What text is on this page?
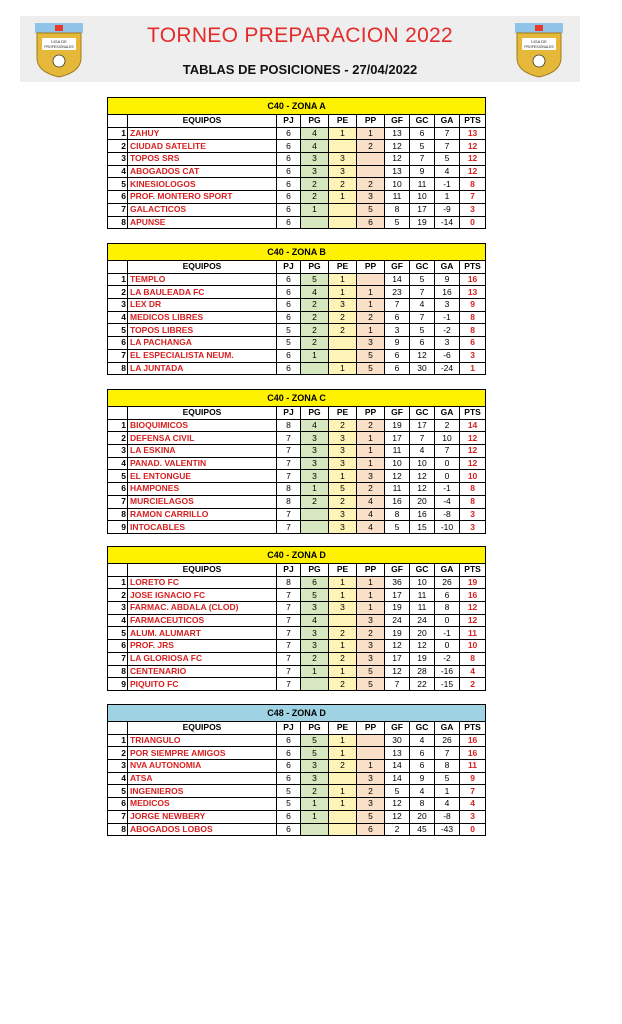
LIGA DE
PROFESIONALES	TORNEO PREPARACION 2022
TABLAS DE POSICIONES - 27/04/2022
LIGA DE
PROFESIONALES
C40 - ZONA A									
	EQUIPOS	PJ	PG	PE	PP	GF	GC	GA	PTS
1	ZAHUY	6	4	1	1	13	6	7	13
2	CIUDAD SATELITE	6	4		2	12	5	7	12
3	TOPOS SRS	6	3	3		12	7	5	12
4	ABOGADOS CAT	6	3	3		13	9	4	12
5	KINESIOLOGOS	6	2	2	2	10	11	-1	8
6	PROF. MONTERO SPORT	6	2	1	3	11	10	1	7
7	GALACTICOS	6	1		5	8	17	-9	3
8	APUNSE	6			6	5	19	-14	0
C40 - ZONA B									
	EQUIPOS	PJ	PG	PE	PP	GF	GC	GA	PTS
1	TEMPLO	6	5	1		14	5	9	16
2	LA BAULEADA FC	6	4	1	1	23	7	16	13
3	LEX DR	6	2	3	1	7	4	3	9
4	MEDICOS LIBRES	6	2	2	2	6	7	-1	8
5	TOPOS LIBRES	5	2	2	1	3	5	-2	8
6	LA PACHANGA	5	2		3	9	6	3	6
7	EL ESPECIALISTA NEUM.	6	1		5	6	12	-6	3
8	LA JUNTADA	6		1	5	6	30	-24	1
C40 - ZONA C									
	EQUIPOS	PJ	PG	PE	PP	GF	GC	GA	PTS
1	BIOQUIMICOS	8	4	2	2	19	17	2	14
2	DEFENSA CIVIL	7	3	3	1	17	7	10	12
3	LA ESKINA	7	3	3	1	11	4	7	12
4	PANAD. VALENTIN	7	3	3	1	10	10	0	12
5	EL ENTONGUE	7	3	1	3	12	12	0	10
6	HAMPONES	8	1	5	2	11	12	-1	8
7	MURCIELAGOS	8	2	2	4	16	20	-4	8
8	RAMON CARRILLO	7		3	4	8	16	-8	3
9	INTOCABLES	7		3	4	5	15	-10	3
C40 - ZONA D									
	EQUIPOS	PJ	PG	PE	PP	GF	GC	GA	PTS
1	LORETO FC	8	6	1	1	36	10	26	19
2	JOSE IGNACIO FC	7	5	1	1	17	11	6	16
3	FARMAC. ABDALA (CLOD)	7	3	3	1	19	11	8	12
4	FARMACEUTICOS	7	4		3	24	24	0	12
5	ALUM. ALUMART	7	3	2	2	19	20	-1	11
6	PROF. JRS	7	3	1	3	12	12	0	10
7	LA GLORIOSA FC	7	2	2	3	17	19	-2	8
8	CENTENARIO	7	1	1	5	12	28	-16	4
9	PIQUITO FC	7		2	5	7	22	-15	2
C48 - ZONA D									
	EQUIPOS	PJ	PG	PE	PP	GF	GC	GA	PTS
1	TRIANGULO	6	5	1		30	4	26	16
2	POR SIEMPRE AMIGOS	6	5	1		13	6	7	16
3	NVA AUTONOMIA	6	3	2	1	14	6	8	11
4	ATSA	6	3		3	14	9	5	9
5	INGENIEROS	5	2	1	2	5	4	1	7
6	MEDICOS	5	1	1	3	12	8	4	4
7	JORGE NEWBERY	6	1		5	12	20	-8	3
8	ABOGADOS LOBOS	6			6	2	45	-43	0
